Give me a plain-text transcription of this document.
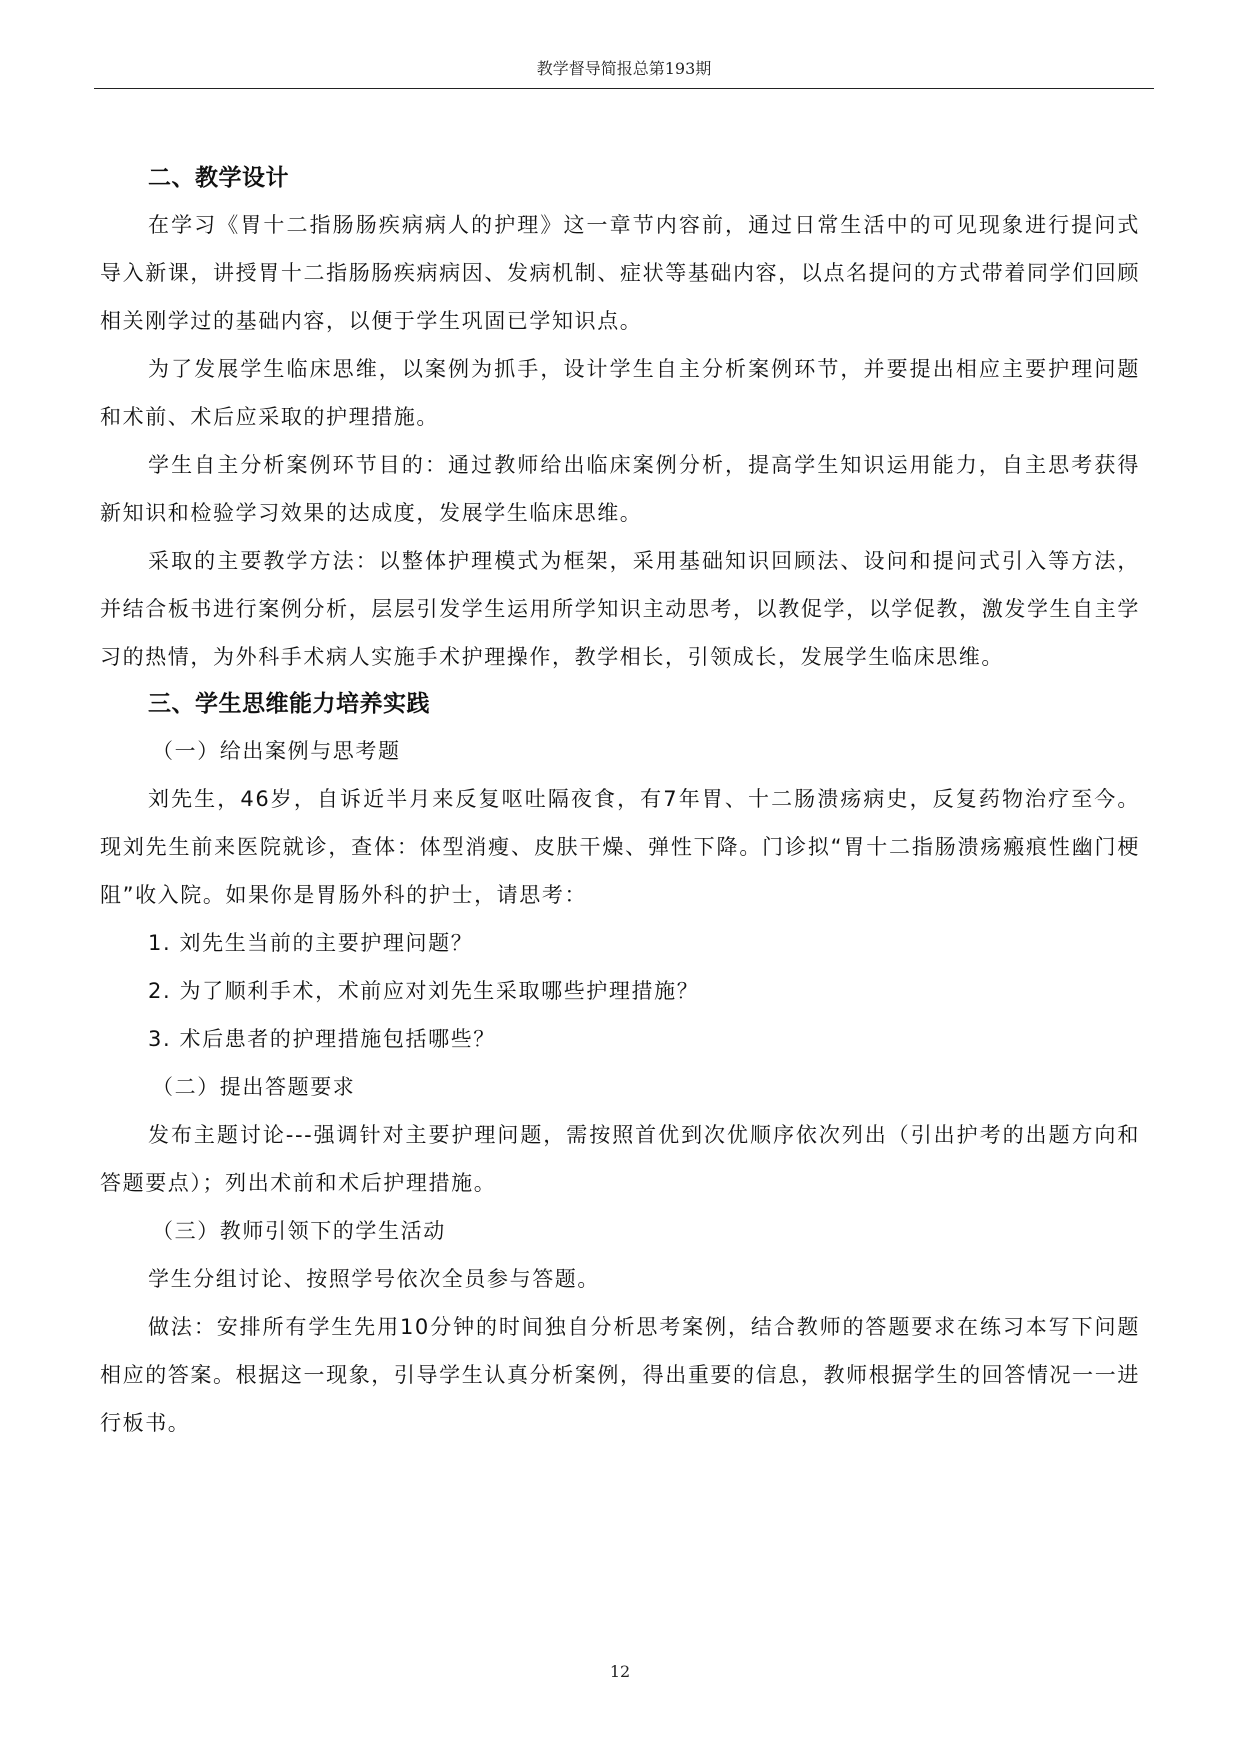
教学督导简报总第193期
二、教学设计

在学习《胃十二指肠肠疾病病人的护理》这一章节内容前，通过日常生活中的可见现象进行提问式导入新课，讲授胃十二指肠肠疾病病因、发病机制、症状等基础内容，以点名提问的方式带着同学们回顾相关刚学过的基础内容，以便于学生巩固已学知识点。

为了发展学生临床思维，以案例为抓手，设计学生自主分析案例环节，并要提出相应主要护理问题和术前、术后应采取的护理措施。

学生自主分析案例环节目的：通过教师给出临床案例分析，提高学生知识运用能力，自主思考获得新知识和检验学习效果的达成度，发展学生临床思维。

采取的主要教学方法：以整体护理模式为框架，采用基础知识回顾法、设问和提问式引入等方法，并结合板书进行案例分析，层层引发学生运用所学知识主动思考，以教促学，以学促教，激发学生自主学习的热情，为外科手术病人实施手术护理操作，教学相长，引领成长，发展学生临床思维。

三、学生思维能力培养实践

（一）给出案例与思考题

刘先生，46岁，自诉近半月来反复呕吐隔夜食，有7年胃、十二肠溃疡病史，反复药物治疗至今。现刘先生前来医院就诊，查体：体型消瘦、皮肤干燥、弹性下降。门诊拟“胃十二指肠溃疡瘢痕性幽门梗阻”收入院。如果你是胃肠外科的护士，请思考：

1. 刘先生当前的主要护理问题？
2. 为了顺利手术，术前应对刘先生采取哪些护理措施？
3. 术后患者的护理措施包括哪些？

（二）提出答题要求

发布主题讨论---强调针对主要护理问题，需按照首优到次优顺序依次列出（引出护考的出题方向和答题要点）；列出术前和术后护理措施。

（三）教师引领下的学生活动

学生分组讨论、按照学号依次全员参与答题。

做法：安排所有学生先用10分钟的时间独自分析思考案例，结合教师的答题要求在练习本写下问题相应的答案。根据这一现象，引导学生认真分析案例，得出重要的信息，教师根据学生的回答情况一一进行板书。

12
